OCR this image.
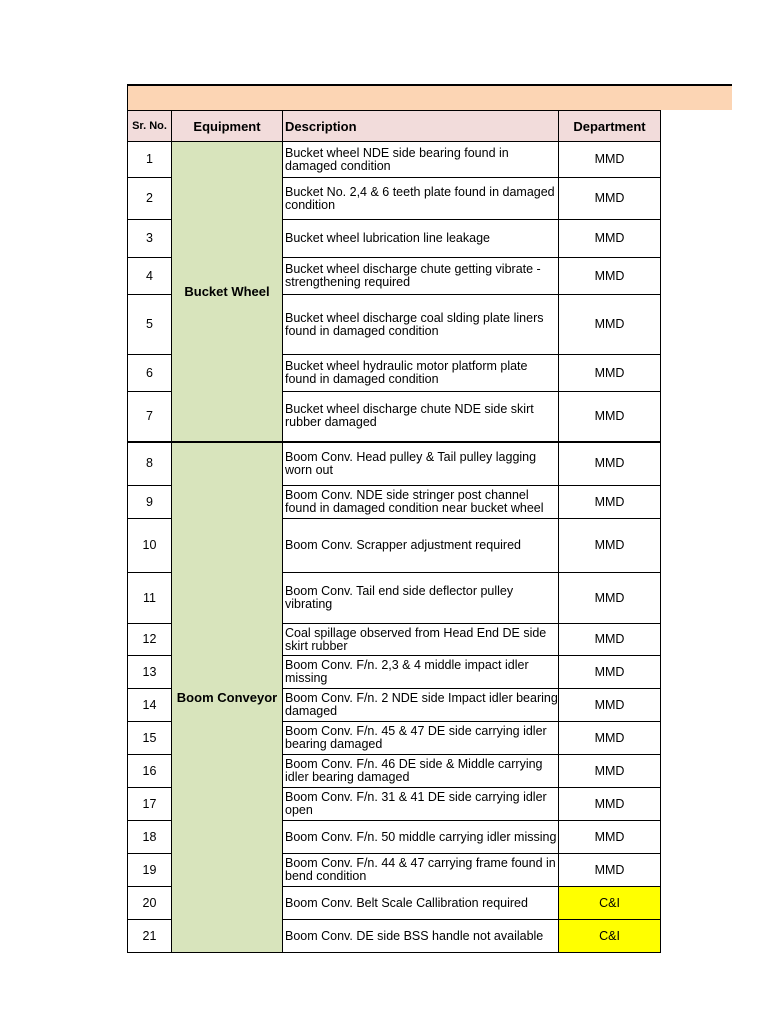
Sr. No.	Equipment	Description	Department
1	Bucket Wheel	Bucket wheel NDE side bearing found in damaged condition	MMD
2		Bucket No. 2,4 & 6 teeth plate found in damaged condition	MMD
3		Bucket wheel lubrication line leakage	MMD
4		Bucket wheel discharge chute getting vibrate - strengthening required	MMD
5		Bucket wheel discharge coal slding plate liners found in damaged condition	MMD
6		Bucket wheel hydraulic motor platform plate found in damaged condition	MMD
7		Bucket wheel discharge chute NDE side skirt rubber damaged	MMD
8	Boom Conveyor	Boom Conv. Head pulley & Tail pulley lagging worn out	MMD
9		Boom Conv. NDE side stringer post channel found in damaged condition near bucket wheel	MMD
10		Boom Conv. Scrapper adjustment required	MMD
11		Boom Conv. Tail end side deflector pulley vibrating	MMD
12		Coal spillage observed from Head End DE side skirt rubber	MMD
13		Boom Conv. F/n. 2,3 & 4 middle impact idler missing	MMD
14		Boom Conv. F/n. 2 NDE side Impact idler bearing damaged	MMD
15		Boom Conv. F/n. 45 & 47 DE side carrying idler bearing damaged	MMD
16		Boom Conv. F/n. 46 DE side & Middle carrying idler bearing damaged	MMD
17		Boom Conv. F/n. 31 & 41 DE side carrying idler open	MMD
18		Boom Conv. F/n. 50 middle carrying idler missing	MMD
19		Boom Conv. F/n. 44 & 47 carrying frame found in bend condition	MMD
20		Boom Conv. Belt Scale Callibration required	C&I
21		Boom Conv. DE side BSS handle not available	C&I
